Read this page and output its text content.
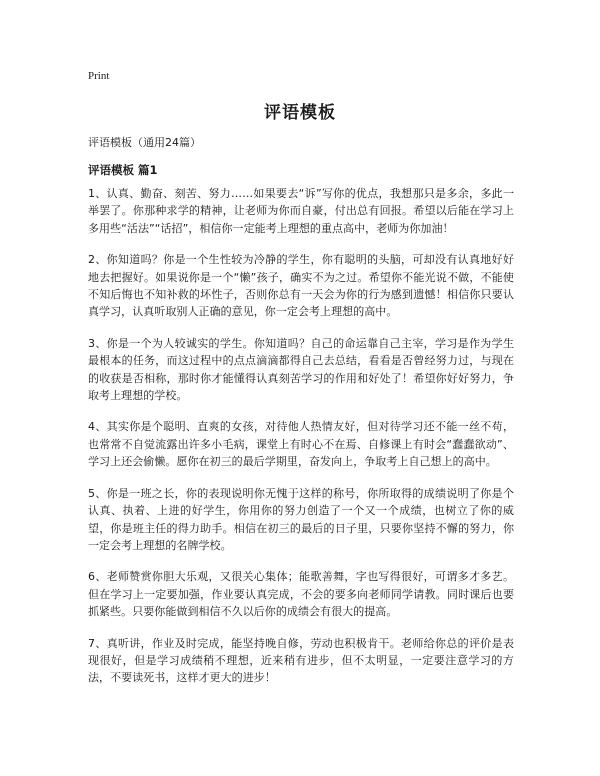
Print
评语模板
评语模板（通用24篇）
评语模板 篇1

1、认真、勤奋、刻苦、努力……如果要去“诉”写你的优点，我想那只是多余，多此一举罢了。你那种求学的精神，让老师为你而自豪，付出总有回报。希望以后能在学习上多用些“活法”“话招”，相信你一定能考上理想的重点高中，老师为你加油！

2、你知道吗？你是一个生性较为冷静的学生，你有聪明的头脑，可却没有认真地好好地去把握好。如果说你是一个“懒”孩子，确实不为之过。希望你不能光说不做，不能使不知后悔也不知补救的坏性子，否则你总有一天会为你的行为感到遗憾！相信你只要认真学习，认真听取别人正确的意见，你一定会考上理想的高中。

3、你是一个为人较诚实的学生。你知道吗？自己的命运靠自己主宰，学习是作为学生最根本的任务，而这过程中的点点滴滴都得自己去总结，看看是否曾经努力过，与现在的收获是否相称，那时你才能懂得认真刻苦学习的作用和好处了！希望你好好努力，争取考上理想的学校。

4、其实你是个聪明、直爽的女孩，对待他人热情友好，但对待学习还不能一丝不苟，也常常不自觉流露出许多小毛病，课堂上有时心不在焉、自修课上有时会“蠢蠢欲动”、学习上还会偷懒。愿你在初三的最后学期里，奋发向上，争取考上自己想上的高中。

5、你是一班之长，你的表现说明你无愧于这样的称号，你所取得的成绩说明了你是个认真、执着、上进的好学生，你用你的努力创造了一个又一个成绩，也树立了你的威望，你是班主任的得力助手。相信在初三的最后的日子里，只要你坚持不懈的努力，你一定会考上理想的名牌学校。

6、老师赞赏你胆大乐观，又很关心集体；能歌善舞，字也写得很好，可谓多才多艺。但在学习上一定要加强，作业要认真完成，不会的要多向老师同学请教。同时课后也要抓紧些。只要你能做到相信不久以后你的成绩会有很大的提高。

7、真听讲，作业及时完成，能坚持晚自修，劳动也积极肯干。老师给你总的评价是表现很好，但是学习成绩稍不理想，近来稍有进步，但不太明显，一定要注意学习的方法，不要读死书，这样才更大的进步！
